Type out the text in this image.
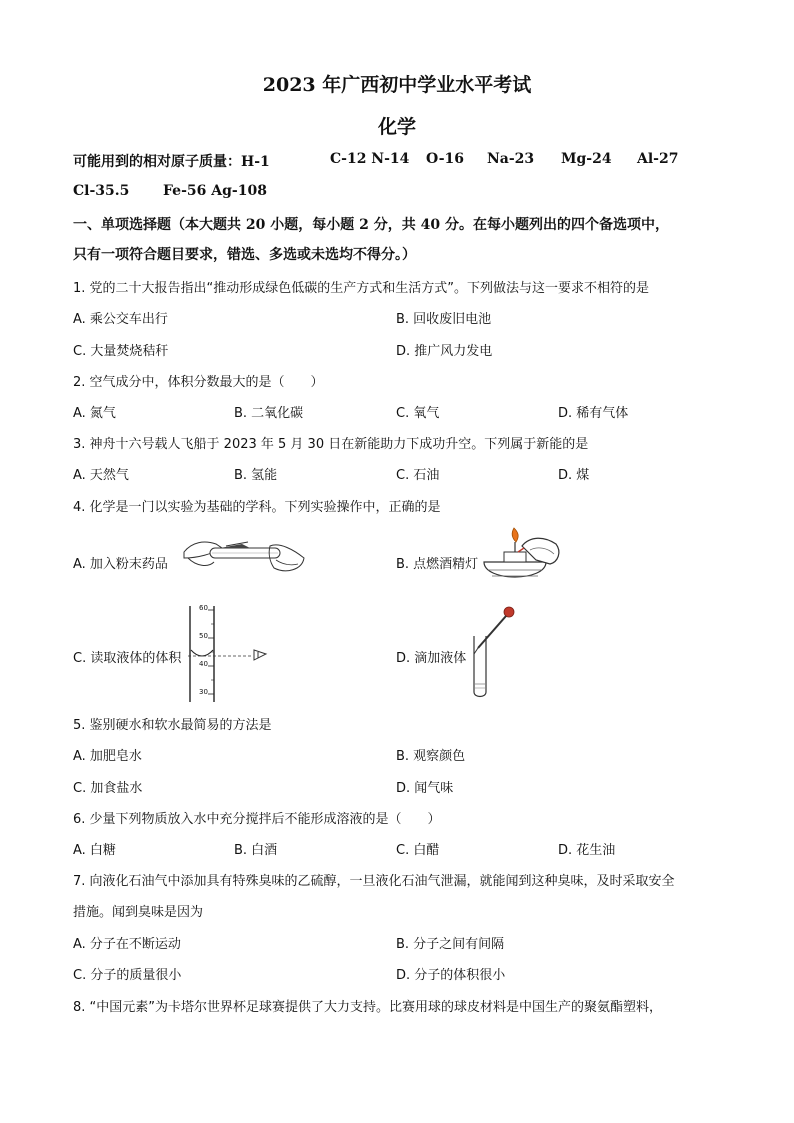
2023 年广西初中学业水平考试
化学
可能用到的相对原子质量：H-1	C-12 N-14 O-16 Na-23 Mg-24 Al-27
Cl-35.5 Fe-56 Ag-108
一、单项选择题（本大题共 20 小题，每小题 2 分，共 40 分。在每小题列出的四个备选项中，
只有一项符合题目要求，错选、多选或未选均不得分。）
1. 党的二十大报告指出“推动形成绿色低碳的生产方式和生活方式”。下列做法与这一要求不相符的是
A. 乘公交车出行	B. 回收废旧电池
C. 大量焚烧秸秆	D. 推广风力发电
2. 空气成分中，体积分数最大的是（　　）
A. 氮气	B. 二氧化碳	C. 氧气	D. 稀有气体
3. 神舟十六号载人飞船于 2023 年 5 月 30 日在新能助力下成功升空。下列属于新能的是
A. 天然气	B. 氢能	C. 石油	D. 煤
4. 化学是一门以实验为基础的学科。下列实验操作中，正确的是
A. 加入粉末药品	B. 点燃酒精灯
C. 读取液体的体积	D. 滴加液体
60
50
40
30
5. 鉴别硬水和软水最简易的方法是
A. 加肥皂水	B. 观察颜色
C. 加食盐水	D. 闻气味
6. 少量下列物质放入水中充分搅拌后不能形成溶液的是（　　）
A. 白糖	B. 白酒	C. 白醋	D. 花生油
7. 向液化石油气中添加具有特殊臭味的乙硫醇，一旦液化石油气泄漏，就能闻到这种臭味，及时采取安全
措施。闻到臭味是因为
A. 分子在不断运动	B. 分子之间有间隔
C. 分子的质量很小	D. 分子的体积很小
8. “中国元素”为卡塔尔世界杯足球赛提供了大力支持。比赛用球的球皮材料是中国生产的聚氨酯塑料，
